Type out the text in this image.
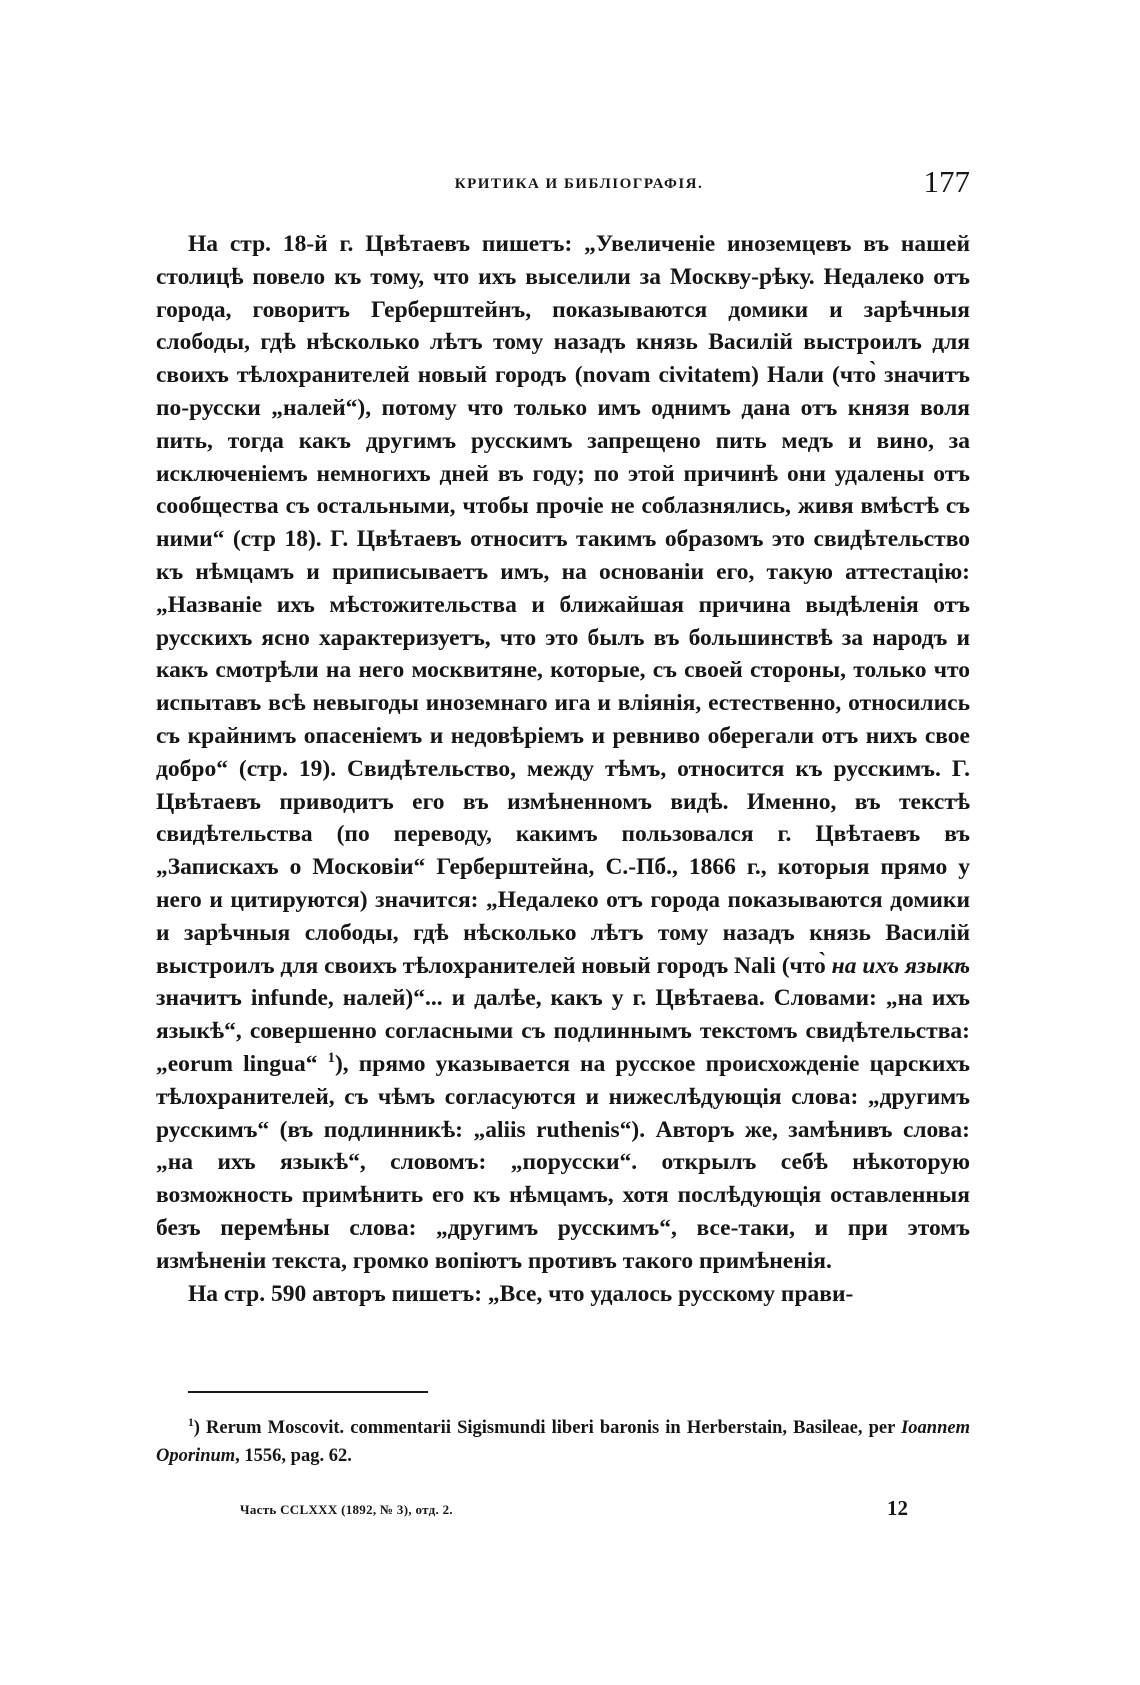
КРИТИКА И БИБЛІОГРАФІЯ.	177

На стр. 18-й г. Цвѣтаевъ пишетъ: „Увеличеніе иноземцевъ въ нашей столицѣ повело къ тому, что ихъ выселили за Москву-рѣку. Недалеко отъ города, говоритъ Герберштейнъ, показываются домики и зарѣчныя слободы, гдѣ нѣсколько лѣтъ тому назадъ князь Василій выстроилъ для своихъ тѣлохранителей новый городъ (novam civitatem) Нали (что̀ значитъ по-русски „налей“), потому что только имъ однимъ дана отъ князя воля пить, тогда какъ другимъ русскимъ запрещено пить медъ и вино, за исключеніемъ немногихъ дней въ году; по этой причинѣ они удалены отъ сообщества съ остальными, чтобы прочіе не соблазнялись, живя вмѣстѣ съ ними“ (стр 18). Г. Цвѣтаевъ относитъ такимъ образомъ это свидѣтельство къ нѣмцамъ и приписываетъ имъ, на основаніи его, такую аттестацію: „Названіе ихъ мѣстожительства и ближайшая причина выдѣленія отъ русскихъ ясно характеризуетъ, что это былъ въ большинствѣ за народъ и какъ смотрѣли на него москвитяне, которые, съ своей стороны, только что испытавъ всѣ невыгоды иноземнаго ига и вліянія, естественно, относились съ крайнимъ опасеніемъ и недовѣріемъ и ревниво оберегали отъ нихъ свое добро“ (стр. 19). Свидѣтельство, между тѣмъ, относится къ русскимъ. Г. Цвѣтаевъ приводитъ его въ измѣненномъ видѣ. Именно, въ текстѣ свидѣтельства (по переводу, какимъ пользовался г. Цвѣтаевъ въ „Запискахъ о Московіи“ Герберштейна, С.-Пб., 1866 г., которыя прямо у него и цитируются) значится: „Недалеко отъ города показываются домики и зарѣчныя слободы, гдѣ нѣсколько лѣтъ тому назадъ князь Василій выстроилъ для своихъ тѣлохранителей новый городъ Nali (что̀ на ихъ языкѣ значитъ infunde, налей)“... и далѣе, какъ у г. Цвѣтаева. Словами: „на ихъ языкѣ“, совершенно согласными съ подлиннымъ текстомъ свидѣтельства: „eorum lingua“ $^1$), прямо указывается на русское происхожденіе царскихъ тѣлохранителей, съ чѣмъ согласуются и нижеслѣдующія слова: „другимъ русскимъ“ (въ подлинникѣ: „aliis ruthenis“). Авторъ же, замѣнивъ слова: „на ихъ языкѣ“, словомъ: „порусски“. открылъ себѣ нѣкоторую возможность примѣнить его къ нѣмцамъ, хотя послѣдующія оставленныя безъ перемѣны слова: „другимъ русскимъ“, все-таки, и при этомъ измѣненіи текста, громко вопіютъ противъ такого примѣненія.

На стр. 590 авторъ пишетъ: „Все, что удалось русскому прави-

$^1$) Rerum Moscovit. commentarii Sigismundi liberi baronis in Herberstain, Basileae, per Ioannem Oporinum, 1556, pag. 62.

Часть CCLXXX (1892, № 3), отд. 2.	12
